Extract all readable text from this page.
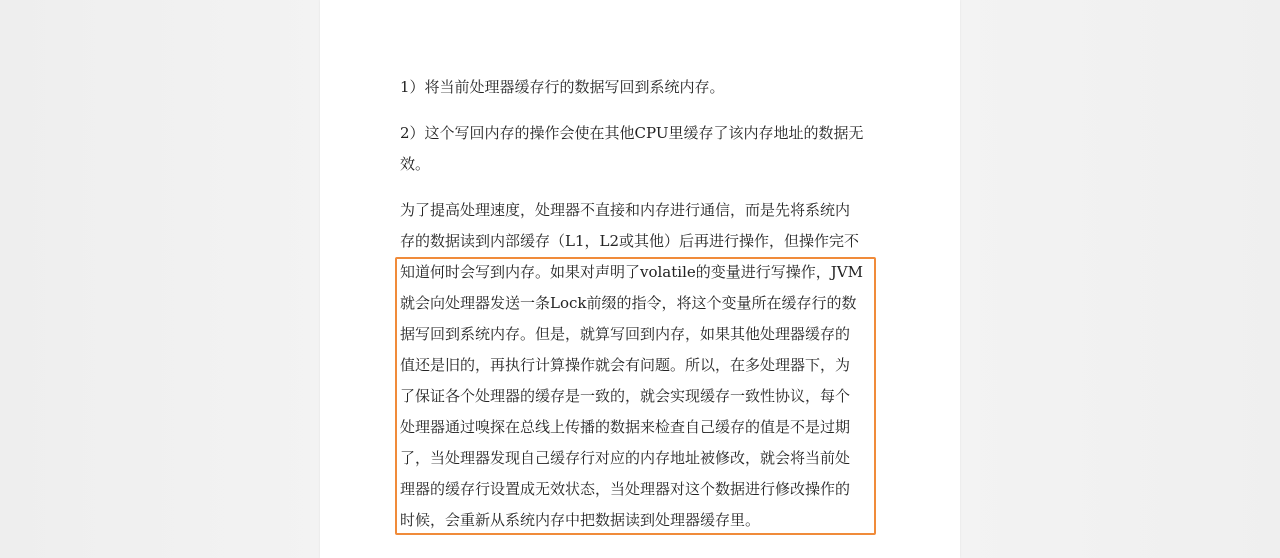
1）将当前处理器缓存行的数据写回到系统内存。

2）这个写回内存的操作会使在其他CPU里缓存了该内存地址的数据无
效。

为了提高处理速度，处理器不直接和内存进行通信，而是先将系统内
存的数据读到内部缓存（L1，L2或其他）后再进行操作，但操作完不
知道何时会写到内存。如果对声明了volatile的变量进行写操作，JVM
就会向处理器发送一条Lock前缀的指令，将这个变量所在缓存行的数
据写回到系统内存。但是，就算写回到内存，如果其他处理器缓存的
值还是旧的，再执行计算操作就会有问题。所以，在多处理器下，为
了保证各个处理器的缓存是一致的，就会实现缓存一致性协议，每个
处理器通过嗅探在总线上传播的数据来检查自己缓存的值是不是过期
了，当处理器发现自己缓存行对应的内存地址被修改，就会将当前处
理器的缓存行设置成无效状态，当处理器对这个数据进行修改操作的
时候，会重新从系统内存中把数据读到处理器缓存里。
